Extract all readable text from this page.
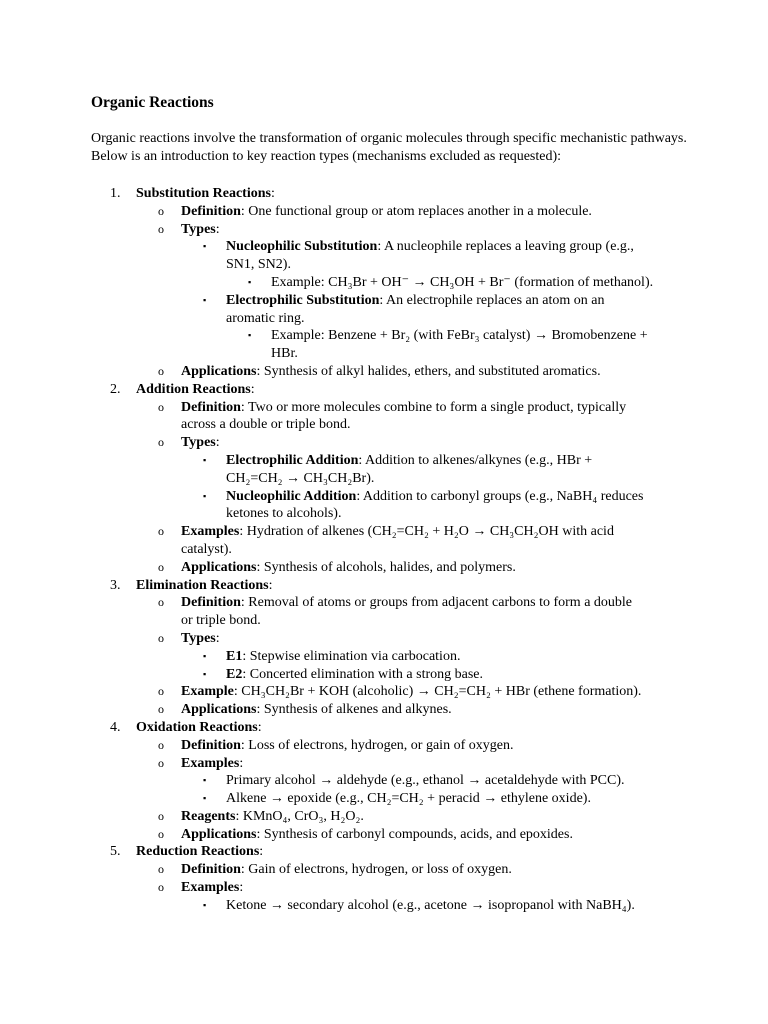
Organic Reactions
Organic reactions involve the transformation of organic molecules through specific mechanistic pathways. Below is an introduction to key reaction types (mechanisms excluded as requested):
1.	Substitution Reactions:
o Definition: One functional group or atom replaces another in a molecule.
o Types:
▪ Nucleophilic Substitution: A nucleophile replaces a leaving group (e.g.,
SN1, SN2).
▪ Example: CH₃Br + OH⁻ → CH₃OH + Br⁻ (formation of methanol).
▪ Electrophilic Substitution: An electrophile replaces an atom on an
aromatic ring.
▪ Example: Benzene + Br₂ (with FeBr₃ catalyst) → Bromobenzene +
HBr.
o Applications: Synthesis of alkyl halides, ethers, and substituted aromatics.
2.	Addition Reactions:
o Definition: Two or more molecules combine to form a single product, typically
across a double or triple bond.
o Types:
▪ Electrophilic Addition: Addition to alkenes/alkynes (e.g., HBr +
CH₂=CH₂ → CH₃CH₂Br).
▪ Nucleophilic Addition: Addition to carbonyl groups (e.g., NaBH₄ reduces
ketones to alcohols).
o Examples: Hydration of alkenes (CH₂=CH₂ + H₂O → CH₃CH₂OH with acid
catalyst).
o Applications: Synthesis of alcohols, halides, and polymers.
3.	Elimination Reactions:
o Definition: Removal of atoms or groups from adjacent carbons to form a double
or triple bond.
o Types:
▪ E1: Stepwise elimination via carbocation.
▪ E2: Concerted elimination with a strong base.
o Example: CH₃CH₂Br + KOH (alcoholic) → CH₂=CH₂ + HBr (ethene formation).
o Applications: Synthesis of alkenes and alkynes.
4.	Oxidation Reactions:
o Definition: Loss of electrons, hydrogen, or gain of oxygen.
o Examples:
▪ Primary alcohol → aldehyde (e.g., ethanol → acetaldehyde with PCC).
▪ Alkene → epoxide (e.g., CH₂=CH₂ + peracid → ethylene oxide).
o Reagents: KMnO₄, CrO₃, H₂O₂.
o Applications: Synthesis of carbonyl compounds, acids, and epoxides.
5.	Reduction Reactions:
o Definition: Gain of electrons, hydrogen, or loss of oxygen.
o Examples:
▪ Ketone → secondary alcohol (e.g., acetone → isopropanol with NaBH₄).
